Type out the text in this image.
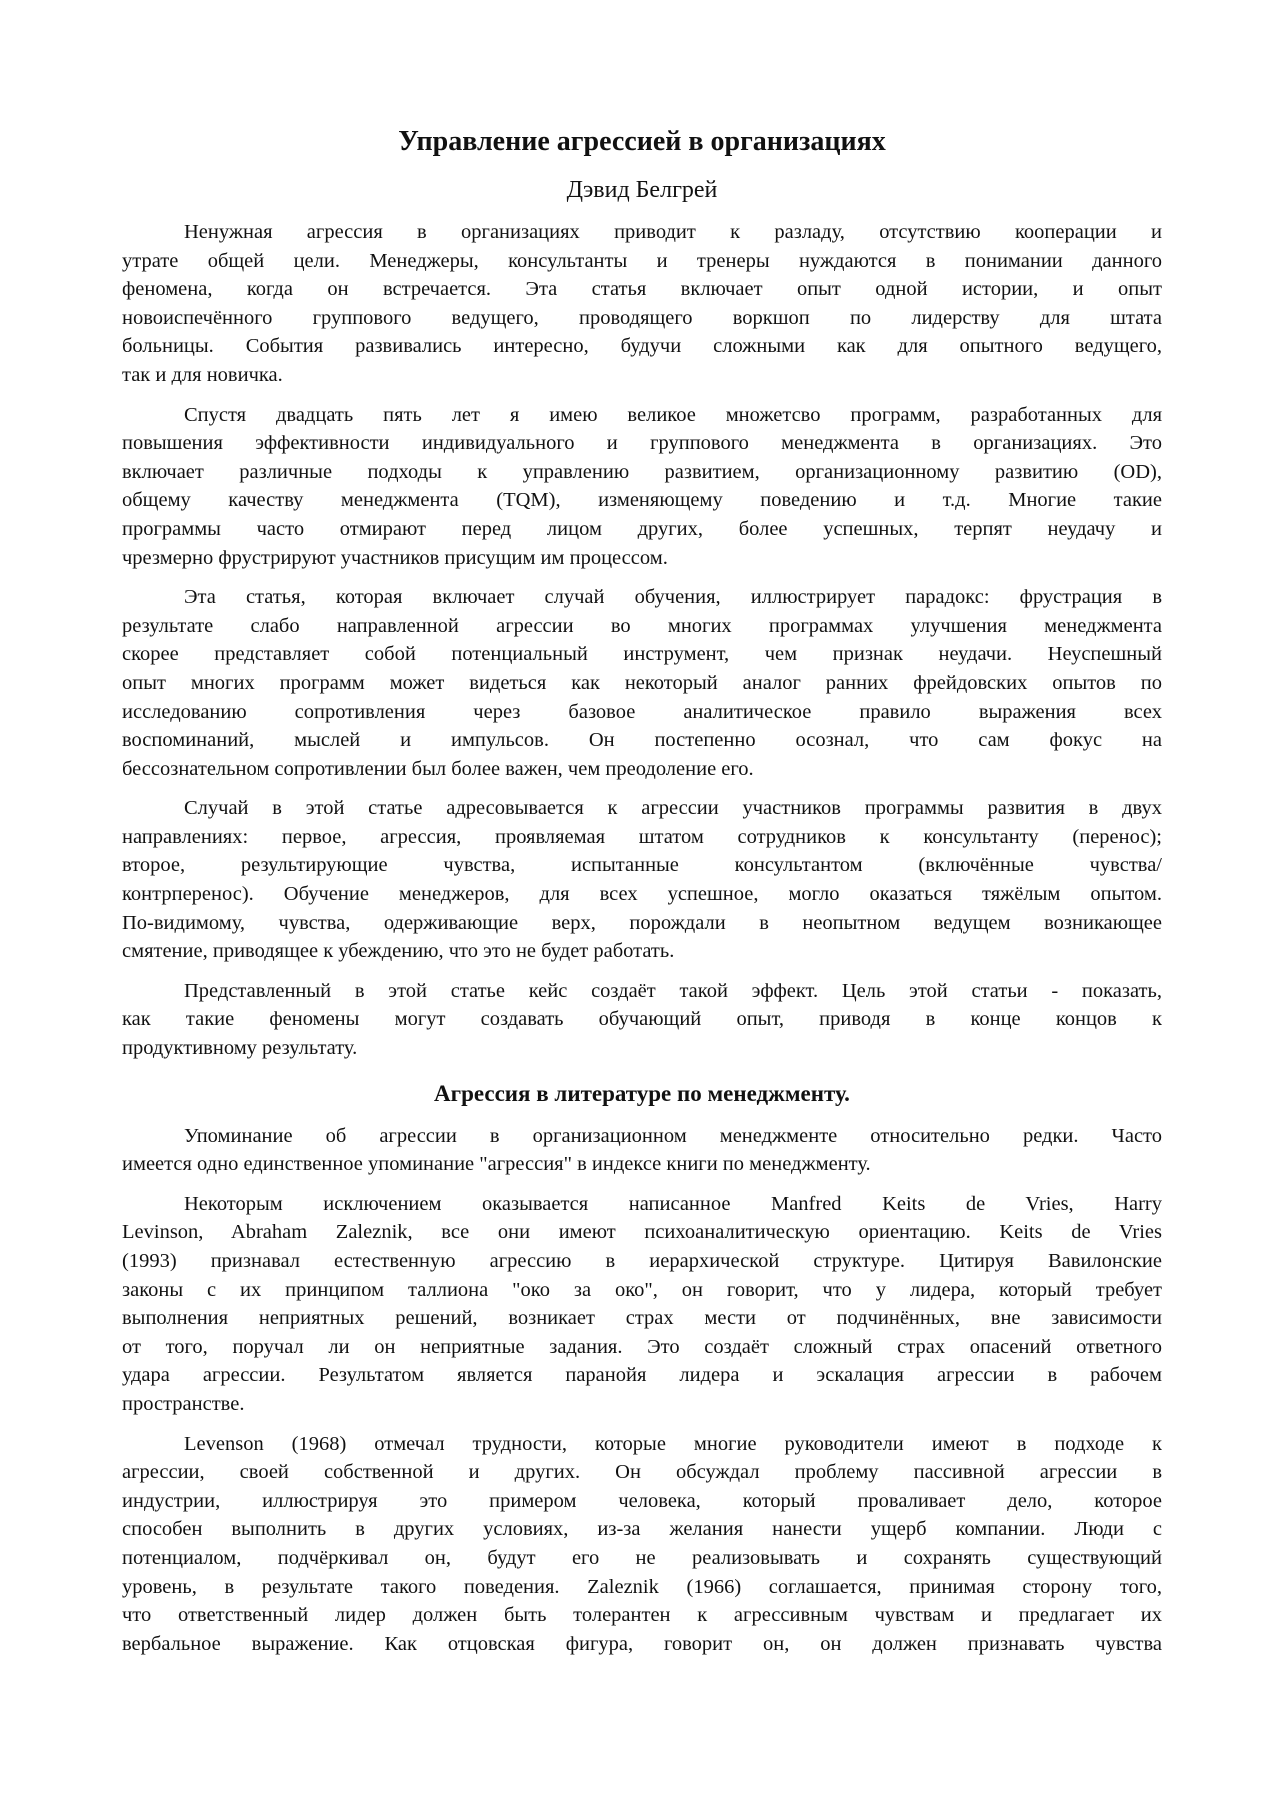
Управление агрессией в организациях
Дэвид Белгрей

Ненужная агрессия в организациях приводит к разладу, отсутствию кооперации и
утрате общей цели. Менеджеры, консультанты и тренеры нуждаются в понимании данного
феномена, когда он встречается. Эта статья включает опыт одной истории, и опыт
новоиспечённого группового ведущего, проводящего воркшоп по лидерству для штата
больницы. События развивались интересно, будучи сложными как для опытного ведущего,
так и для новичка.

Спустя двадцать пять лет я имею великое множетсво программ, разработанных для
повышения эффективности индивидуального и группового менеджмента в организациях. Это
включает различные подходы к управлению развитием, организационному развитию (OD),
общему качеству менеджмента (TQM), изменяющему поведению и т.д. Многие такие
программы часто отмирают перед лицом других, более успешных, терпят неудачу и
чрезмерно фрустрируют участников присущим им процессом.

Эта статья, которая включает случай обучения, иллюстрирует парадокс: фрустрация в
результате слабо направленной агрессии во многих программах улучшения менеджмента
скорее представляет собой потенциальный инструмент, чем признак неудачи. Неуспешный
опыт многих программ может видеться как некоторый аналог ранних фрейдовских опытов по
исследованию сопротивления через базовое аналитическое правило выражения всех
воспоминаний, мыслей и импульсов. Он постепенно осознал, что сам фокус на
бессознательном сопротивлении был более важен, чем преодоление его.

Случай в этой статье адресовывается к агрессии участников программы развития в двух
направлениях: первое, агрессия, проявляемая штатом сотрудников к консультанту (перенос);
второе, результирующие чувства, испытанные консультантом (включённые чувства/
контрперенос). Обучение менеджеров, для всех успешное, могло оказаться тяжёлым опытом.
По-видимому, чувства, одерживающие верх, порождали в неопытном ведущем возникающее
смятение, приводящее к убеждению, что это не будет работать.

Представленный в этой статье кейс создаёт такой эффект. Цель этой статьи - показать,
как такие феномены могут создавать обучающий опыт, приводя в конце концов к
продуктивному результату.

Агрессия в литературе по менеджменту.

Упоминание об агрессии в организационном менеджменте относительно редки. Часто
имеется одно единственное упоминание "агрессия" в индексе книги по менеджменту.

Некоторым исключением оказывается написанное Manfred Keits de Vries, Harry
Levinson, Abraham Zaleznik, все они имеют психоаналитическую ориентацию. Keits de Vries
(1993) признавал естественную агрессию в иерархической структуре. Цитируя Вавилонские
законы с их принципом таллиона "око за око", он говорит, что у лидера, который требует
выполнения неприятных решений, возникает страх мести от подчинённых, вне зависимости
от того, поручал ли он неприятные задания. Это создаёт сложный страх опасений ответного
удара агрессии. Результатом является паранойя лидера и эскалация агрессии в рабочем
пространстве.

Levenson (1968) отмечал трудности, которые многие руководители имеют в подходе к
агрессии, своей собственной и других. Он обсуждал проблему пассивной агрессии в
индустрии, иллюстрируя это примером человека, который проваливает дело, которое
способен выполнить в других условиях, из-за желания нанести ущерб компании. Люди с
потенциалом, подчёркивал он, будут его не реализовывать и сохранять существующий
уровень, в результате такого поведения. Zaleznik (1966) соглашается, принимая сторону того,
что ответственный лидер должен быть толерантен к агрессивным чувствам и предлагает их
вербальное выражение. Как отцовская фигура, говорит он, он должен признавать чувства
